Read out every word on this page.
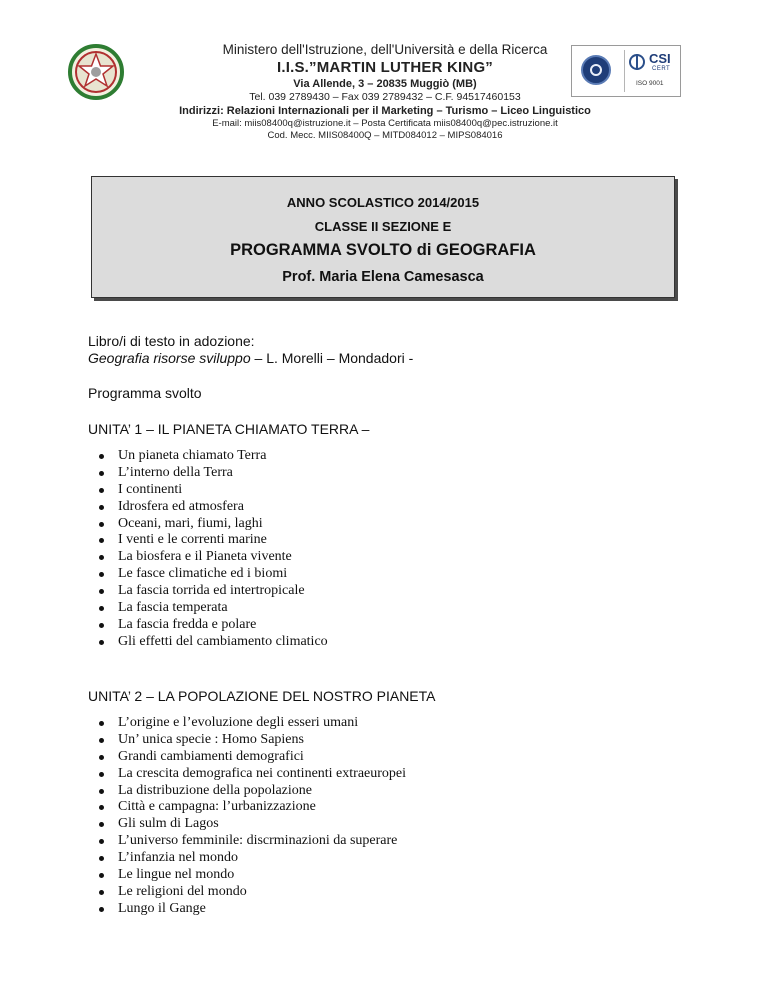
Ministero dell'Istruzione, dell'Università e della Ricerca
I.I.S.”MARTIN LUTHER KING”
Via Allende, 3 – 20835 Muggiò (MB)
Tel. 039 2789430 – Fax 039 2789432 – C.F. 94517460153
Indirizzi: Relazioni Internazionali per il Marketing – Turismo – Liceo Linguistico
E-mail: miis08400q@istruzione.it – Posta Certificata miis08400q@pec.istruzione.it
Cod. Mecc. MIIS08400Q – MITD084012 – MIPS084016
CSI
CERT
ISO 9001
ANNO SCOLASTICO 2014/2015
CLASSE II SEZIONE E
PROGRAMMA SVOLTO di GEOGRAFIA
Prof. Maria Elena Camesasca
Libro/i di testo in adozione:
Geografia risorse sviluppo – L. Morelli – Mondadori -
Programma svolto
UNITA’ 1 – IL PIANETA CHIAMATO TERRA –
Un pianeta chiamato Terra
L’interno della Terra
I continenti
Idrosfera ed atmosfera
Oceani, mari, fiumi, laghi
I venti e le correnti marine
La biosfera e il Pianeta vivente
Le fasce climatiche ed i biomi
La fascia torrida ed intertropicale
La fascia temperata
La fascia fredda e polare
Gli effetti del cambiamento climatico
UNITA’ 2 – LA POPOLAZIONE DEL NOSTRO PIANETA
L’origine e l’evoluzione degli esseri umani
Un’ unica specie : Homo Sapiens
Grandi cambiamenti demografici
La crescita demografica nei continenti extraeuropei
La distribuzione della popolazione
Città e campagna: l’urbanizzazione
Gli sulm di Lagos
L’universo femminile: discrminazioni da superare
L’infanzia nel mondo
Le lingue nel mondo
Le religioni del mondo
Lungo il Gange
